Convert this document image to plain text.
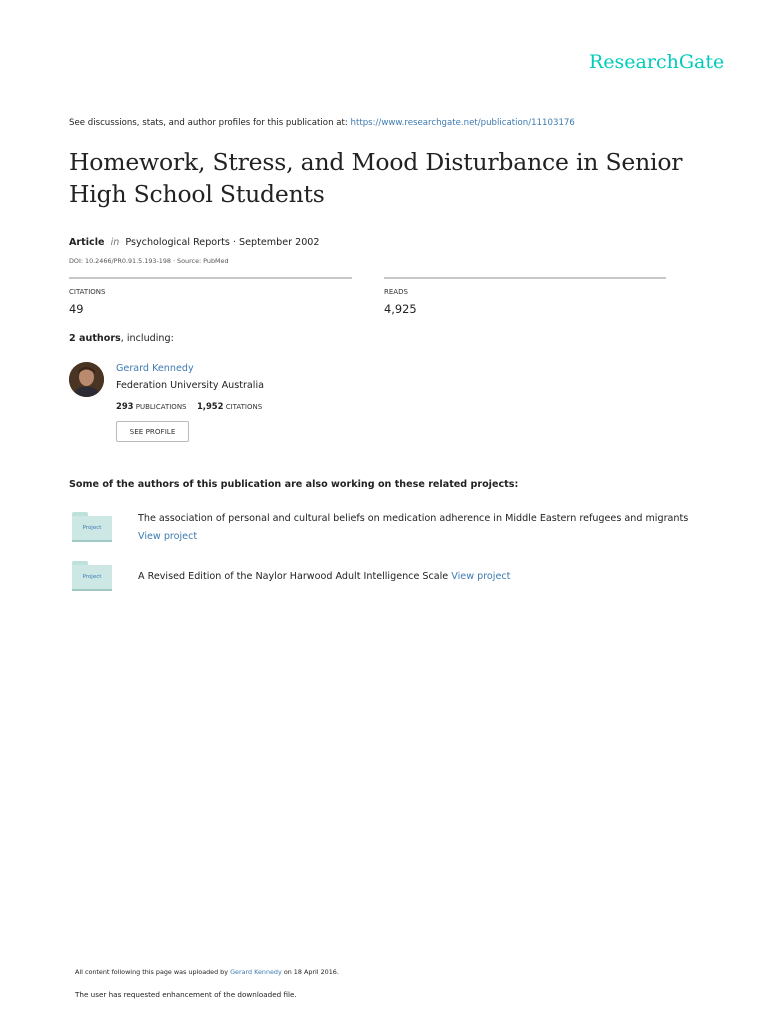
ResearchGate
See discussions, stats, and author profiles for this publication at: https://www.researchgate.net/publication/11103176
Homework, Stress, and Mood Disturbance in Senior High School Students
Article in Psychological Reports · September 2002
DOI: 10.2466/PR0.91.5.193-198 · Source: PubMed
CITATIONS
49
READS
4,925
2 authors, including:
Gerard Kennedy
Federation University Australia
293 PUBLICATIONS 1,952 CITATIONS
SEE PROFILE
Some of the authors of this publication are also working on these related projects:
Project
The association of personal and cultural beliefs on medication adherence in Middle Eastern refugees and migrants
View project
Project	A Revised Edition of the Naylor Harwood Adult Intelligence Scale View project
All content following this page was uploaded by Gerard Kennedy on 18 April 2016.
The user has requested enhancement of the downloaded file.
